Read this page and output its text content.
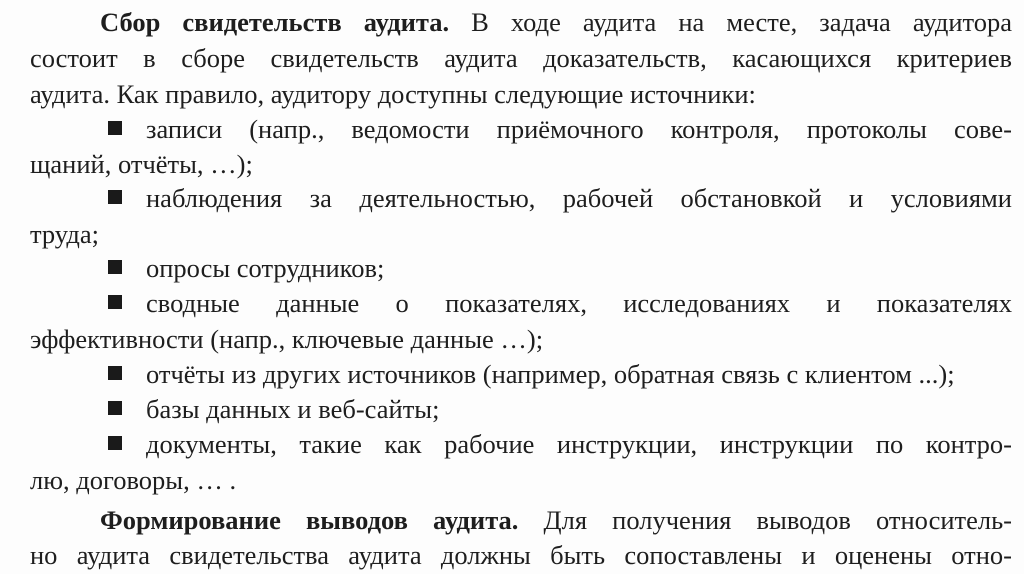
Сбор свидетельств аудита. В ходе аудита на месте, задача аудитора
состоит в сборе свидетельств аудита доказательств, касающихся критериев
аудита. Как правило, аудитору доступны следующие источники:
записи (напр., ведомости приёмочного контроля, протоколы сове-
щаний, отчёты, …);
наблюдения за деятельностью, рабочей обстановкой и условиями
труда;
опросы сотрудников;
сводные данные о показателях, исследованиях и показателях
эффективности (напр., ключевые данные …);
отчёты из других источников (например, обратная связь с клиентом ...);
базы данных и веб-сайты;
документы, такие как рабочие инструкции, инструкции по контро-
лю, договоры, … .
Формирование выводов аудита. Для получения выводов относитель-
но аудита свидетельства аудита должны быть сопоставлены и оценены отно-
